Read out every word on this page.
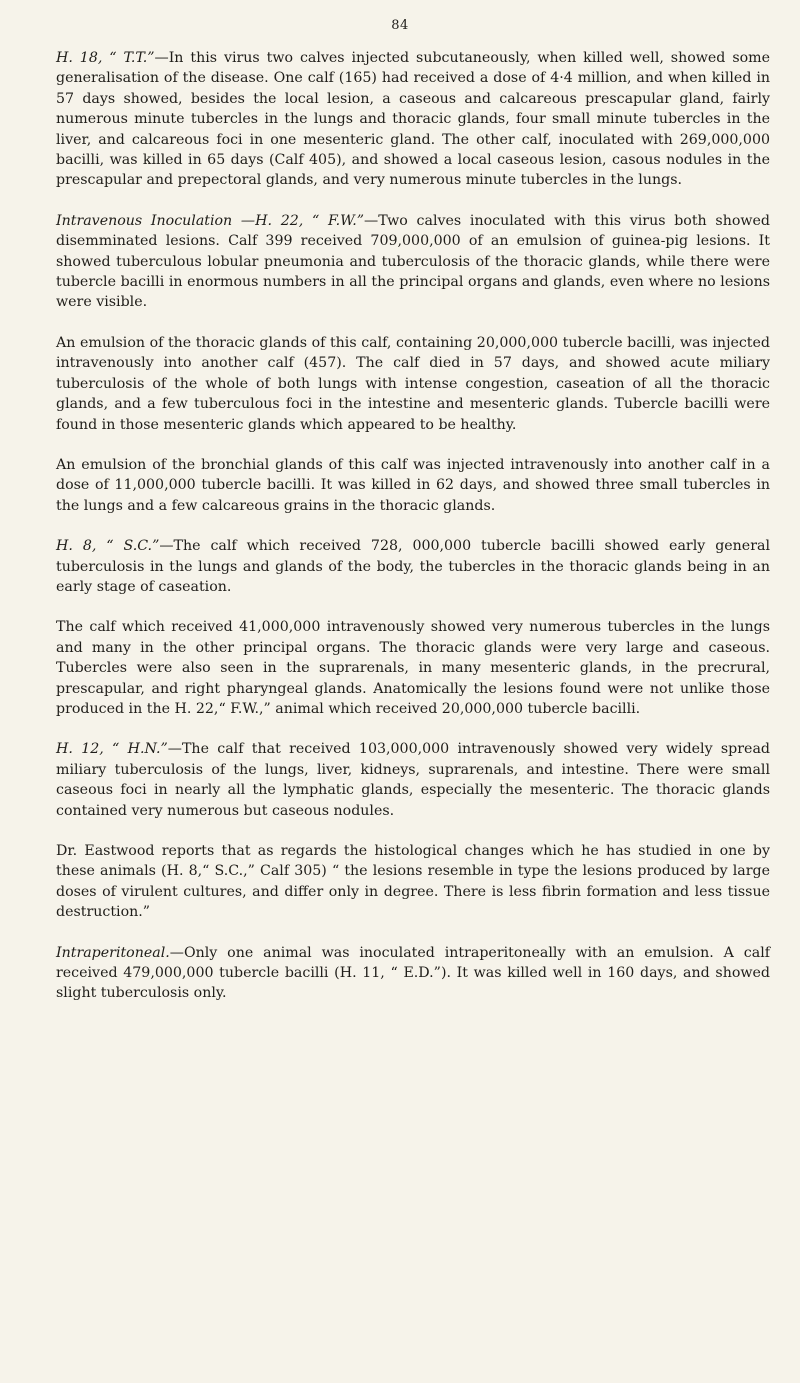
84

H. 18, “ T.T.”—In this virus two calves injected subcutaneously, when killed well, showed some generalisation of the disease. One calf (165) had received a dose of 4·4 million, and when killed in 57 days showed, besides the local lesion, a caseous and calcareous prescapular gland, fairly numerous minute tubercles in the lungs and thoracic glands, four small minute tubercles in the liver, and calcareous foci in one mesenteric gland. The other calf, inoculated with 269,000,000 bacilli, was killed in 65 days (Calf 405), and showed a local caseous lesion, casous nodules in the prescapular and prepectoral glands, and very numerous minute tubercles in the lungs.

Intravenous Inoculation —H. 22, “ F.W.”—Two calves inoculated with this virus both showed disemminated lesions. Calf 399 received 709,000,000 of an emulsion of guinea-pig lesions. It showed tuberculous lobular pneumonia and tuberculosis of the thoracic glands, while there were tubercle bacilli in enormous numbers in all the principal organs and glands, even where no lesions were visible.

An emulsion of the thoracic glands of this calf, containing 20,000,000 tubercle bacilli, was injected intravenously into another calf (457). The calf died in 57 days, and showed acute miliary tuberculosis of the whole of both lungs with intense congestion, caseation of all the thoracic glands, and a few tuberculous foci in the intestine and mesenteric glands. Tubercle bacilli were found in those mesenteric glands which appeared to be healthy.

An emulsion of the bronchial glands of this calf was injected intravenously into another calf in a dose of 11,000,000 tubercle bacilli. It was killed in 62 days, and showed three small tubercles in the lungs and a few calcareous grains in the thoracic glands.

H. 8, “ S.C.”—The calf which received 728, 000,000 tubercle bacilli showed early general tuberculosis in the lungs and glands of the body, the tubercles in the thoracic glands being in an early stage of caseation.

The calf which received 41,000,000 intravenously showed very numerous tubercles in the lungs and many in the other principal organs. The thoracic glands were very large and caseous. Tubercles were also seen in the suprarenals, in many mesenteric glands, in the precrural, prescapular, and right pharyngeal glands. Anatomically the lesions found were not unlike those produced in the H. 22,“ F.W.,” animal which received 20,000,000 tubercle bacilli.

H. 12, “ H.N.”—The calf that received 103,000,000 intravenously showed very widely spread miliary tuberculosis of the lungs, liver, kidneys, suprarenals, and intestine. There were small caseous foci in nearly all the lymphatic glands, especially the mesenteric. The thoracic glands contained very numerous but caseous nodules.

Dr. Eastwood reports that as regards the histological changes which he has studied in one by these animals (H. 8,“ S.C.,” Calf 305) “ the lesions resemble in type the lesions produced by large doses of virulent cultures, and differ only in degree. There is less fibrin formation and less tissue destruction.”

Intraperitoneal.—Only one animal was inoculated intraperitoneally with an emulsion. A calf received 479,000,000 tubercle bacilli (H. 11, “ E.D.”). It was killed well in 160 days, and showed slight tuberculosis only.
